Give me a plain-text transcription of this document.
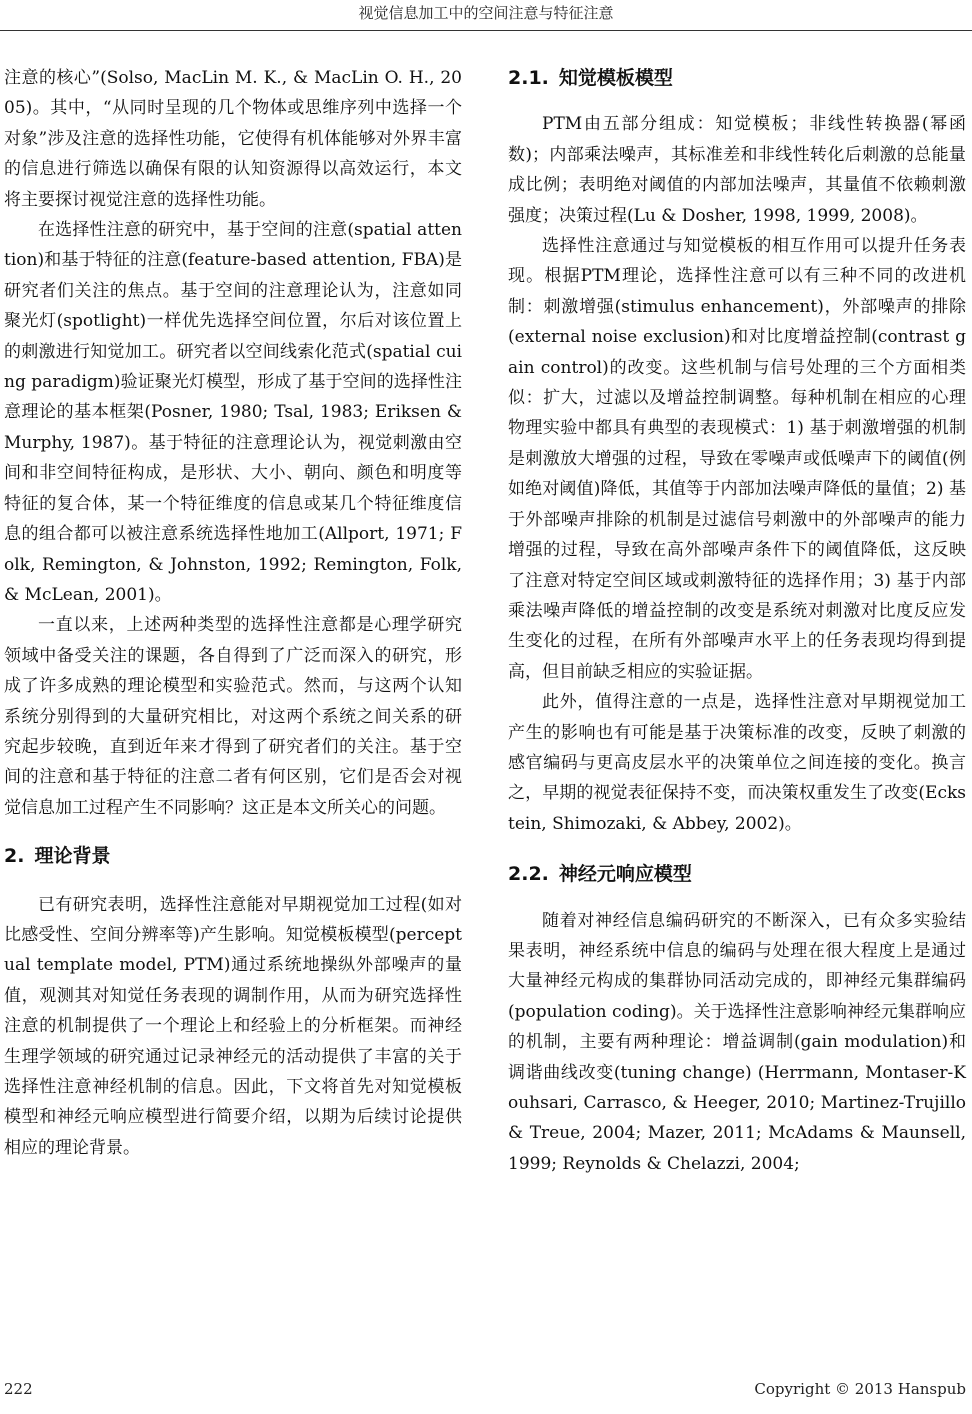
视觉信息加工中的空间注意与特征注意

注意的核心”(Solso, MacLin M. K., & MacLin O. H., 2005)。其中，“从同时呈现的几个物体或思维序列中选择一个对象”涉及注意的选择性功能，它使得有机体能够对外界丰富的信息进行筛选以确保有限的认知资源得以高效运行，本文将主要探讨视觉注意的选择性功能。

在选择性注意的研究中，基于空间的注意(spatial attention)和基于特征的注意(feature-based attention, FBA)是研究者们关注的焦点。基于空间的注意理论认为，注意如同聚光灯(spotlight)一样优先选择空间位置，尔后对该位置上的刺激进行知觉加工。研究者以空间线索化范式(spatial cuing paradigm)验证聚光灯模型，形成了基于空间的选择性注意理论的基本框架(Posner, 1980; Tsal, 1983; Eriksen & Murphy, 1987)。基于特征的注意理论认为，视觉刺激由空间和非空间特征构成，是形状、大小、朝向、颜色和明度等特征的复合体，某一个特征维度的信息或某几个特征维度信息的组合都可以被注意系统选择性地加工(Allport, 1971; Folk, Remington, & Johnston, 1992; Remington, Folk, & McLean, 2001)。

一直以来，上述两种类型的选择性注意都是心理学研究领域中备受关注的课题，各自得到了广泛而深入的研究，形成了许多成熟的理论模型和实验范式。然而，与这两个认知系统分别得到的大量研究相比，对这两个系统之间关系的研究起步较晚，直到近年来才得到了研究者们的关注。基于空间的注意和基于特征的注意二者有何区别，它们是否会对视觉信息加工过程产生不同影响？这正是本文所关心的问题。

2. 理论背景

已有研究表明，选择性注意能对早期视觉加工过程(如对比感受性、空间分辨率等)产生影响。知觉模板模型(perceptual template model, PTM)通过系统地操纵外部噪声的量值，观测其对知觉任务表现的调制作用，从而为研究选择性注意的机制提供了一个理论上和经验上的分析框架。而神经生理学领域的研究通过记录神经元的活动提供了丰富的关于选择性注意神经机制的信息。因此，下文将首先对知觉模板模型和神经元响应模型进行简要介绍，以期为后续讨论提供相应的理论背景。

2.1. 知觉模板模型

PTM由五部分组成：知觉模板；非线性转换器(幂函数)；内部乘法噪声，其标准差和非线性转化后刺激的总能量成比例；表明绝对阈值的内部加法噪声，其量值不依赖刺激强度；决策过程(Lu & Dosher, 1998, 1999, 2008)。

选择性注意通过与知觉模板的相互作用可以提升任务表现。根据PTM理论，选择性注意可以有三种不同的改进机制：刺激增强(stimulus enhancement)，外部噪声的排除(external noise exclusion)和对比度增益控制(contrast gain control)的改变。这些机制与信号处理的三个方面相类似：扩大，过滤以及增益控制调整。每种机制在相应的心理物理实验中都具有典型的表现模式：1) 基于刺激增强的机制是刺激放大增强的过程，导致在零噪声或低噪声下的阈值(例如绝对阈值)降低，其值等于内部加法噪声降低的量值；2) 基于外部噪声排除的机制是过滤信号刺激中的外部噪声的能力增强的过程，导致在高外部噪声条件下的阈值降低，这反映了注意对特定空间区域或刺激特征的选择作用；3) 基于内部乘法噪声降低的增益控制的改变是系统对刺激对比度反应发生变化的过程，在所有外部噪声水平上的任务表现均得到提高，但目前缺乏相应的实验证据。

此外，值得注意的一点是，选择性注意对早期视觉加工产生的影响也有可能是基于决策标准的改变，反映了刺激的感官编码与更高皮层水平的决策单位之间连接的变化。换言之，早期的视觉表征保持不变，而决策权重发生了改变(Eckstein, Shimozaki, & Abbey, 2002)。

2.2. 神经元响应模型

随着对神经信息编码研究的不断深入，已有众多实验结果表明，神经系统中信息的编码与处理在很大程度上是通过大量神经元构成的集群协同活动完成的，即神经元集群编码(population coding)。关于选择性注意影响神经元集群响应的机制，主要有两种理论：增益调制(gain modulation)和调谐曲线改变(tuning change) (Herrmann, Montaser-Kouhsari, Carrasco, & Heeger, 2010; Martinez-Trujillo & Treue, 2004; Mazer, 2011; McAdams & Maunsell, 1999; Reynolds & Chelazzi, 2004;

222	Copyright © 2013 Hanspub
